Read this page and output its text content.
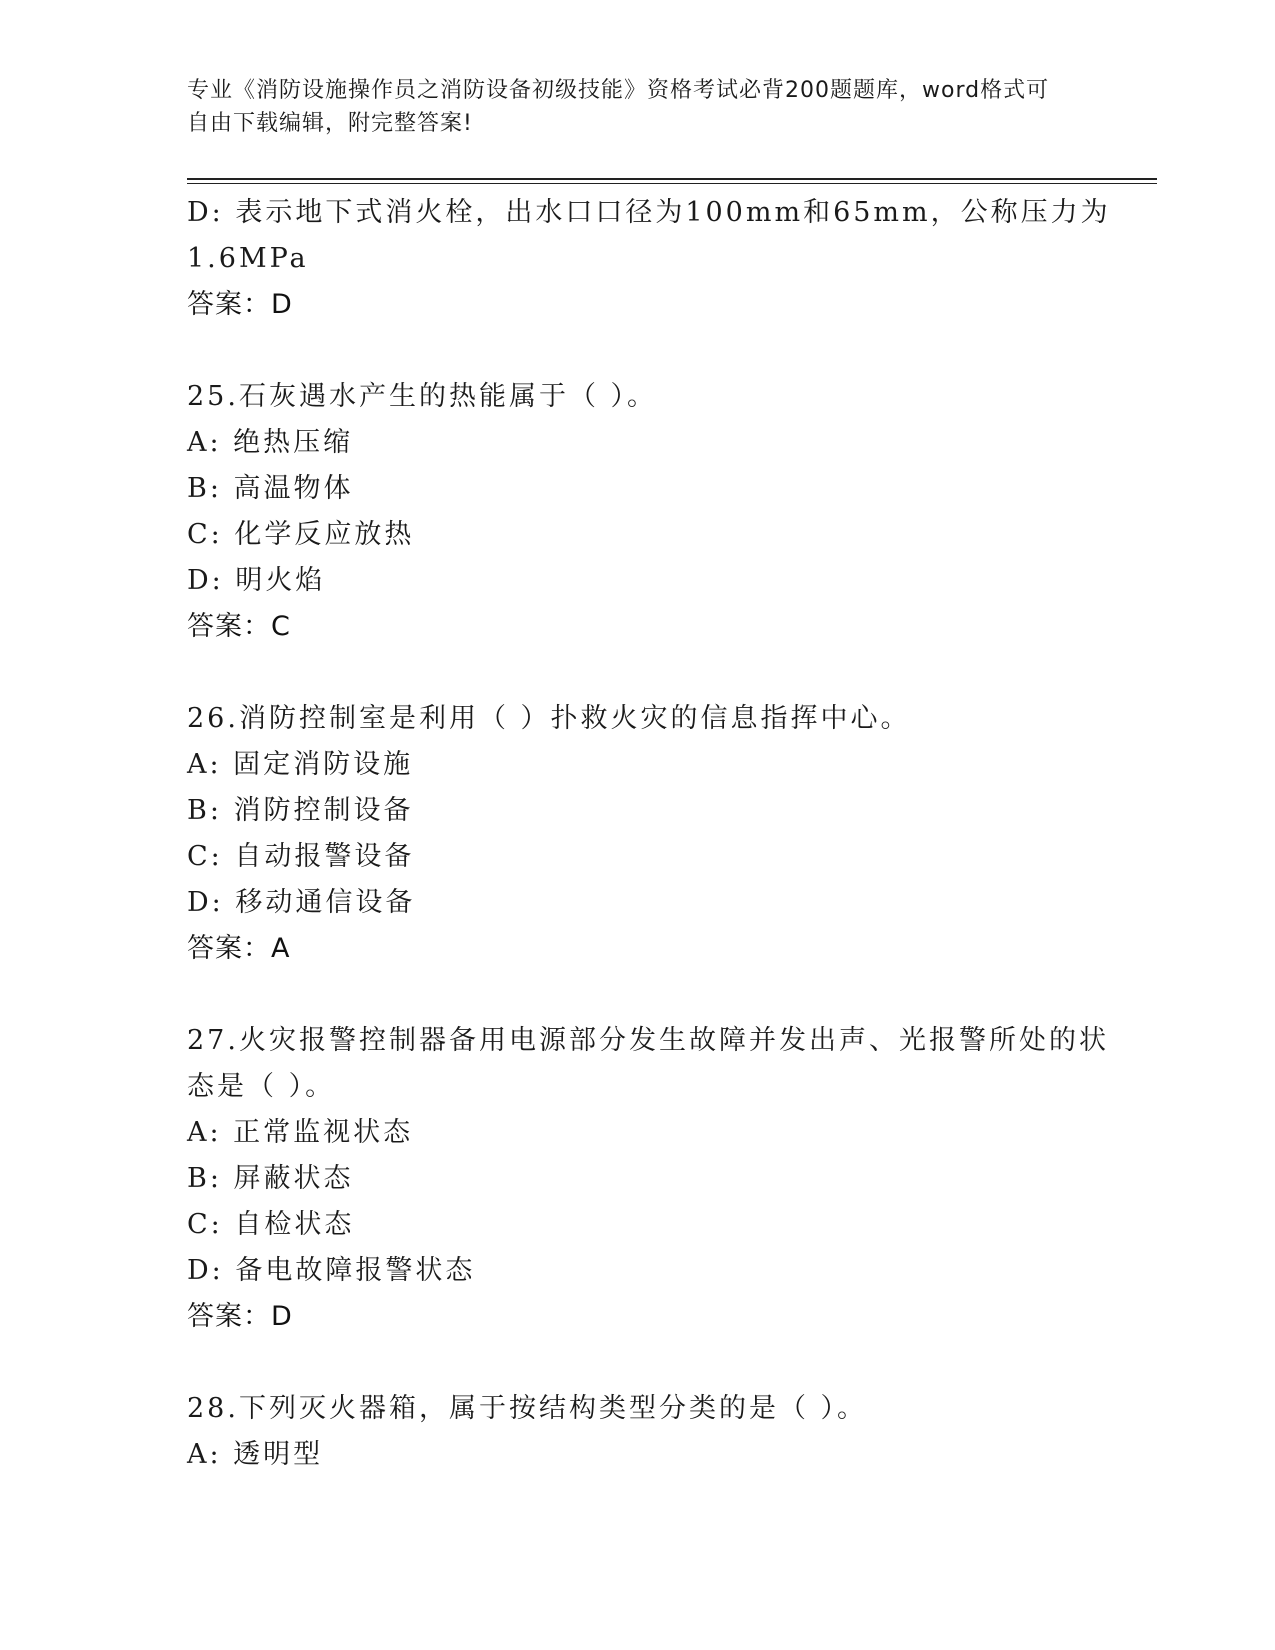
专业《消防设施操作员之消防设备初级技能》资格考试必背200题题库，word格式可自由下载编辑，附完整答案!
D: 表示地下式消火栓，出水口口径为100mm和65mm，公称压力为
1.6MPa
答案：D
25.石灰遇水产生的热能属于（ ）。
A: 绝热压缩
B: 高温物体
C: 化学反应放热
D: 明火焰
答案：C
26.消防控制室是利用（ ）扑救火灾的信息指挥中心。
A: 固定消防设施
B: 消防控制设备
C: 自动报警设备
D: 移动通信设备
答案：A
27.火灾报警控制器备用电源部分发生故障并发出声、光报警所处的状
态是（ ）。
A: 正常监视状态
B: 屏蔽状态
C: 自检状态
D: 备电故障报警状态
答案：D
28.下列灭火器箱，属于按结构类型分类的是（ ）。
A: 透明型
